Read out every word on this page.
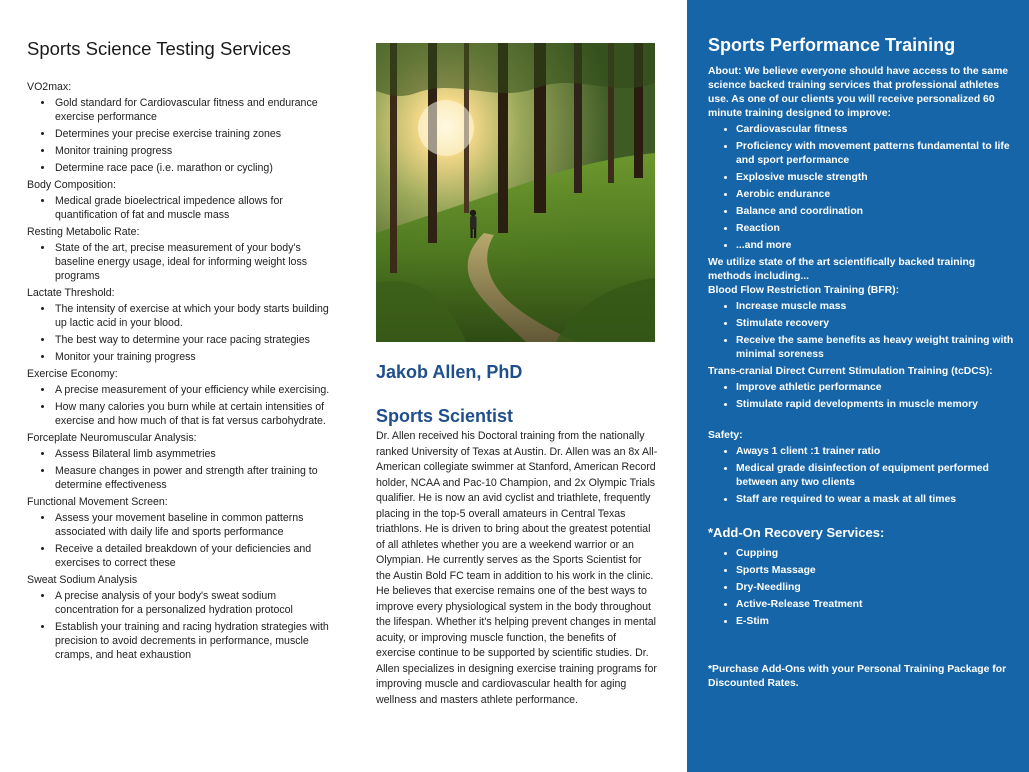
Sports Science Testing Services
VO2max:
• Gold standard for Cardiovascular fitness and endurance exercise performance
• Determines your precise exercise training zones
• Monitor training progress
• Determine race pace (i.e. marathon or cycling)
Body Composition:
• Medical grade bioelectrical impedence allows for quantification of fat and muscle mass
Resting Metabolic Rate:
• State of the art, precise measurement of your body's baseline energy usage, ideal for informing weight loss programs
Lactate Threshold:
• The intensity of exercise at which your body starts building up lactic acid in your blood.
• The best way to determine your race pacing strategies
• Monitor your training progress
Exercise Economy:
• A precise measurement of your efficiency while exercising.
• How many calories you burn while at certain intensities of exercise and how much of that is fat versus carbohydrate.
Forceplate Neuromuscular Analysis:
• Assess Bilateral limb asymmetries
• Measure changes in power and strength after training to determine effectiveness
Functional Movement Screen:
• Assess your movement baseline in common patterns associated with daily life and sports performance
• Receive a detailed breakdown of your deficiencies and exercises to correct these
Sweat Sodium Analysis
• A precise analysis of your body's sweat sodium concentration for a personalized hydration protocol
• Establish your training and racing hydration strategies with precision to avoid decrements in performance, muscle cramps, and heat exhaustion
Jakob Allen, PhD
Sports Scientist

Dr. Allen received his Doctoral training from the nationally ranked University of Texas at Austin. Dr. Allen was an 8x All-American collegiate swimmer at Stanford, American Record holder, NCAA and Pac-10 Champion, and 2x Olympic Trials qualifier. He is now an avid cyclist and triathlete, frequently placing in the top-5 overall amateurs in Central Texas triathlons. He is driven to bring about the greatest potential of all athletes whether you are a weekend warrior or an Olympian. He currently serves as the Sports Scientist for the Austin Bold FC team in addition to his work in the clinic. He believes that exercise remains one of the best ways to improve every physiological system in the body throughout the lifespan. Whether it's helping prevent changes in mental acuity, or improving muscle function, the benefits of exercise continue to be supported by scientific studies. Dr. Allen specializes in designing exercise training programs for improving muscle and cardiovascular health for aging wellness and masters athlete performance.

Sports Performance Training

About: We believe everyone should have access to the same science backed training services that professional athletes use. As one of our clients you will receive personalized 60 minute training designed to improve:

• Cardiovascular fitness
• Proficiency with movement patterns fundamental to life and sport performance
• Explosive muscle strength
• Aerobic endurance
• Balance and coordination
• Reaction
• ...and more

We utilize state of the art scientifically backed training methods including...

Blood Flow Restriction Training (BFR):

• Increase muscle mass
• Stimulate recovery
• Receive the same benefits as heavy weight training with minimal soreness

Trans-cranial Direct Current Stimulation Training (tcDCS):

• Improve athletic performance
• Stimulate rapid developments in muscle memory

Safety:

• Aways 1 client :1 trainer ratio
• Medical grade disinfection of equipment performed between any two clients
• Staff are required to wear a mask at all times
*Add-On Recovery Services:
• Cupping
• Sports Massage
• Dry-Needling
• Active-Release Treatment
• E-Stim

*Purchase Add-Ons with your Personal Training Package for Discounted Rates.
